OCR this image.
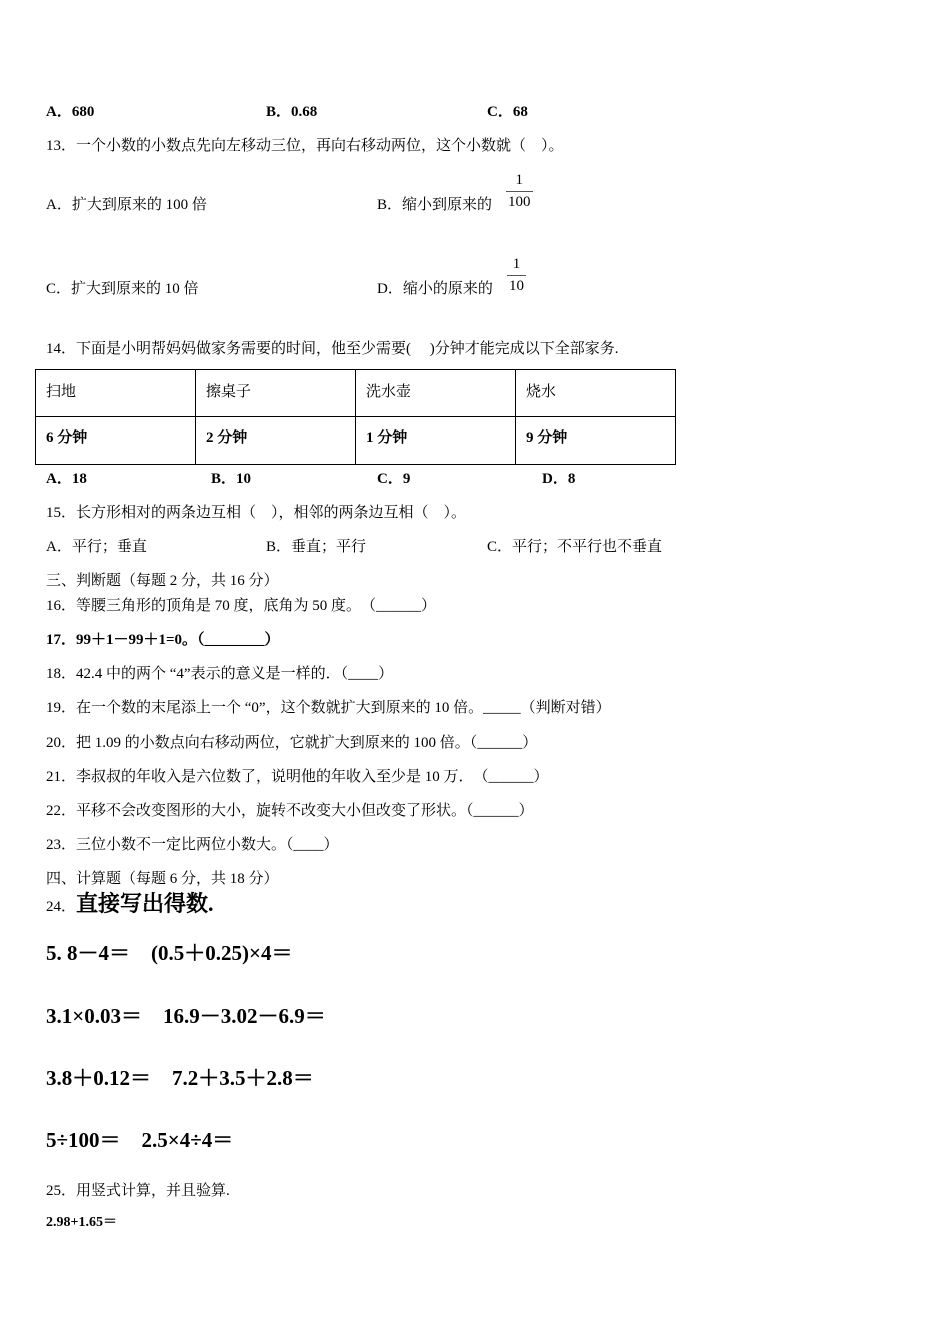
A．680	B．0.68	C．68
13．一个小数的小数点先向左移动三位，再向右移动两位，这个小数就（　）。
A．扩大到原来的 100 倍	B．缩小到原来的
1
100
C．扩大到原来的 10 倍	D．缩小的原来的
1
10
14．下面是小明帮妈妈做家务需要的时间，他至少需要(　 )分钟才能完成以下全部家务.
扫地	擦桌子	洗水壶	烧水
6 分钟	2 分钟	1 分钟	9 分钟
A．18	B．10	C．9	D．8
15．长方形相对的两条边互相（　），相邻的两条边互相（　）。
A．平行；垂直	B．垂直；平行	C．平行；不平行也不垂直
三、判断题（每题 2 分，共 16 分）
16．等腰三角形的顶角是 70 度，底角为 50 度。　（______）
17．99＋1－99＋1=0。（________）
18．42.4 中的两个 “4”表示的意义是一样的．（____）
19．在一个数的末尾添上一个 “0”，这个数就扩大到原来的 10 倍。_____（判断对错）
20．把 1.09 的小数点向右移动两位，它就扩大到原来的 100 倍。（______）
21．李叔叔的年收入是六位数了，说明他的年收入至少是 10 万．　（______）
22．平移不会改变图形的大小，旋转不改变大小但改变了形状。（______）
23．三位小数不一定比两位小数大。（____）
四、计算题（每题 6 分，共 18 分）
24．直接写出得数.
5. 8－4＝　(0.5＋0.25)×4＝
3.1×0.03＝　16.9－3.02－6.9＝
3.8＋0.12＝　7.2＋3.5＋2.8＝
5÷100＝　2.5×4÷4＝
25．用竖式计算，并且验算.
2.98+1.65＝
